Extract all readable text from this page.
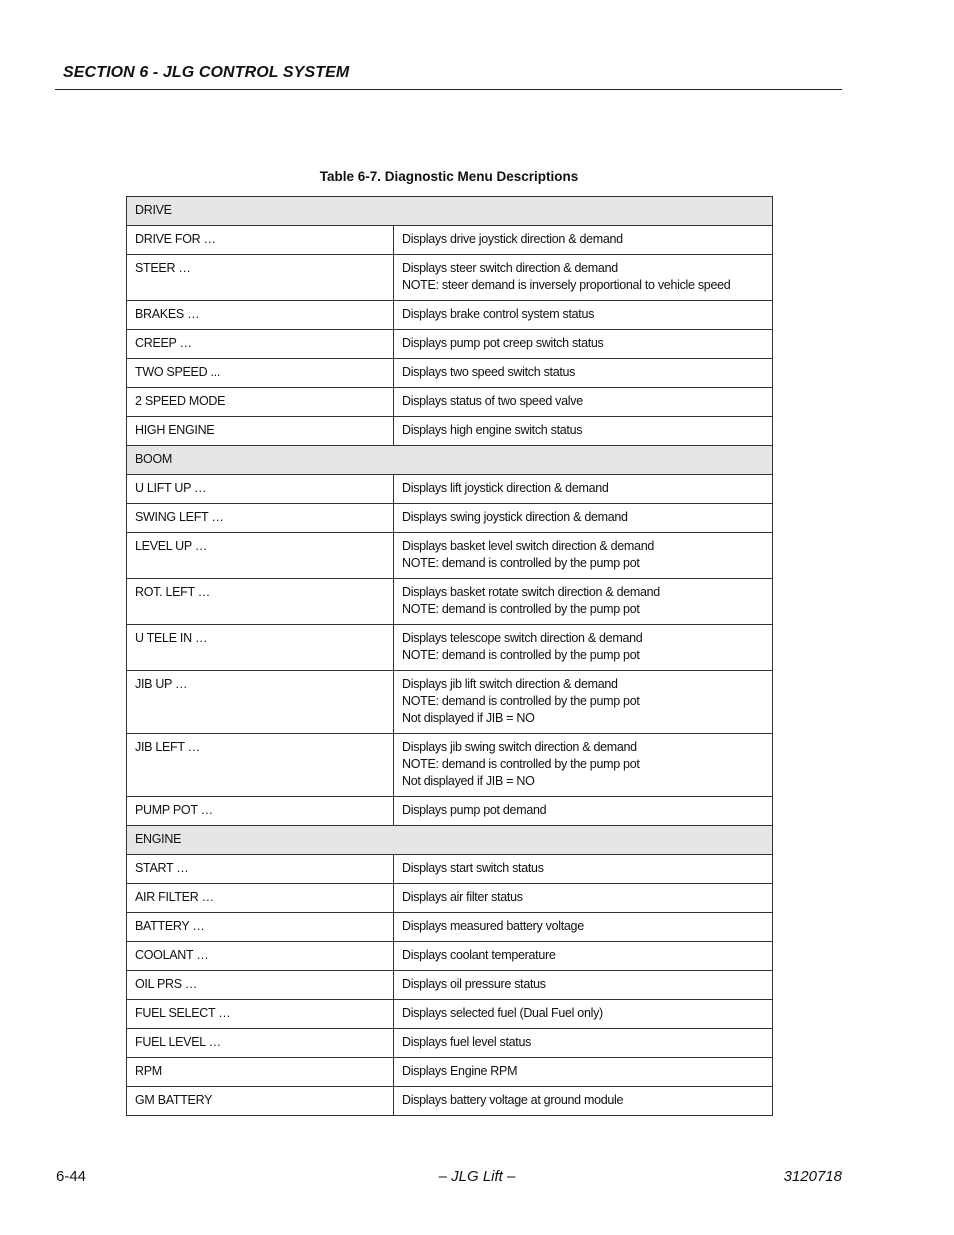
SECTION 6 - JLG CONTROL SYSTEM
Table 6-7. Diagnostic Menu Descriptions
DRIVE	
DRIVE FOR …	Displays drive joystick direction & demand

STEER …	Displays steer switch direction & demand
NOTE: steer demand is inversely proportional to vehicle speed

BRAKES …	Displays brake control system status

CREEP …	Displays pump pot creep switch status

TWO SPEED ...	Displays two speed switch status

2 SPEED MODE	Displays status of two speed valve

HIGH ENGINE	Displays high engine switch status

BOOM	
U LIFT UP …	Displays lift joystick direction & demand

SWING LEFT …	Displays swing joystick direction & demand

LEVEL UP …	Displays basket level switch direction & demand
NOTE: demand is controlled by the pump pot

ROT. LEFT …	Displays basket rotate switch direction & demand
NOTE: demand is controlled by the pump pot

U TELE IN …	Displays telescope switch direction & demand
NOTE: demand is controlled by the pump pot

JIB UP …	Displays jib lift switch direction & demand
NOTE: demand is controlled by the pump pot
Not displayed if JIB = NO

JIB LEFT …	Displays jib swing switch direction & demand
NOTE: demand is controlled by the pump pot
Not displayed if JIB = NO

PUMP POT …	Displays pump pot demand

ENGINE	
START …	Displays start switch status

AIR FILTER …	Displays air filter status

BATTERY …	Displays measured battery voltage

COOLANT …	Displays coolant temperature

OIL PRS …	Displays oil pressure status

FUEL SELECT …	Displays selected fuel (Dual Fuel only)

FUEL LEVEL …	Displays fuel level status

RPM	Displays Engine RPM

GM BATTERY	Displays battery voltage at ground module
6-44	– JLG Lift –	3120718
